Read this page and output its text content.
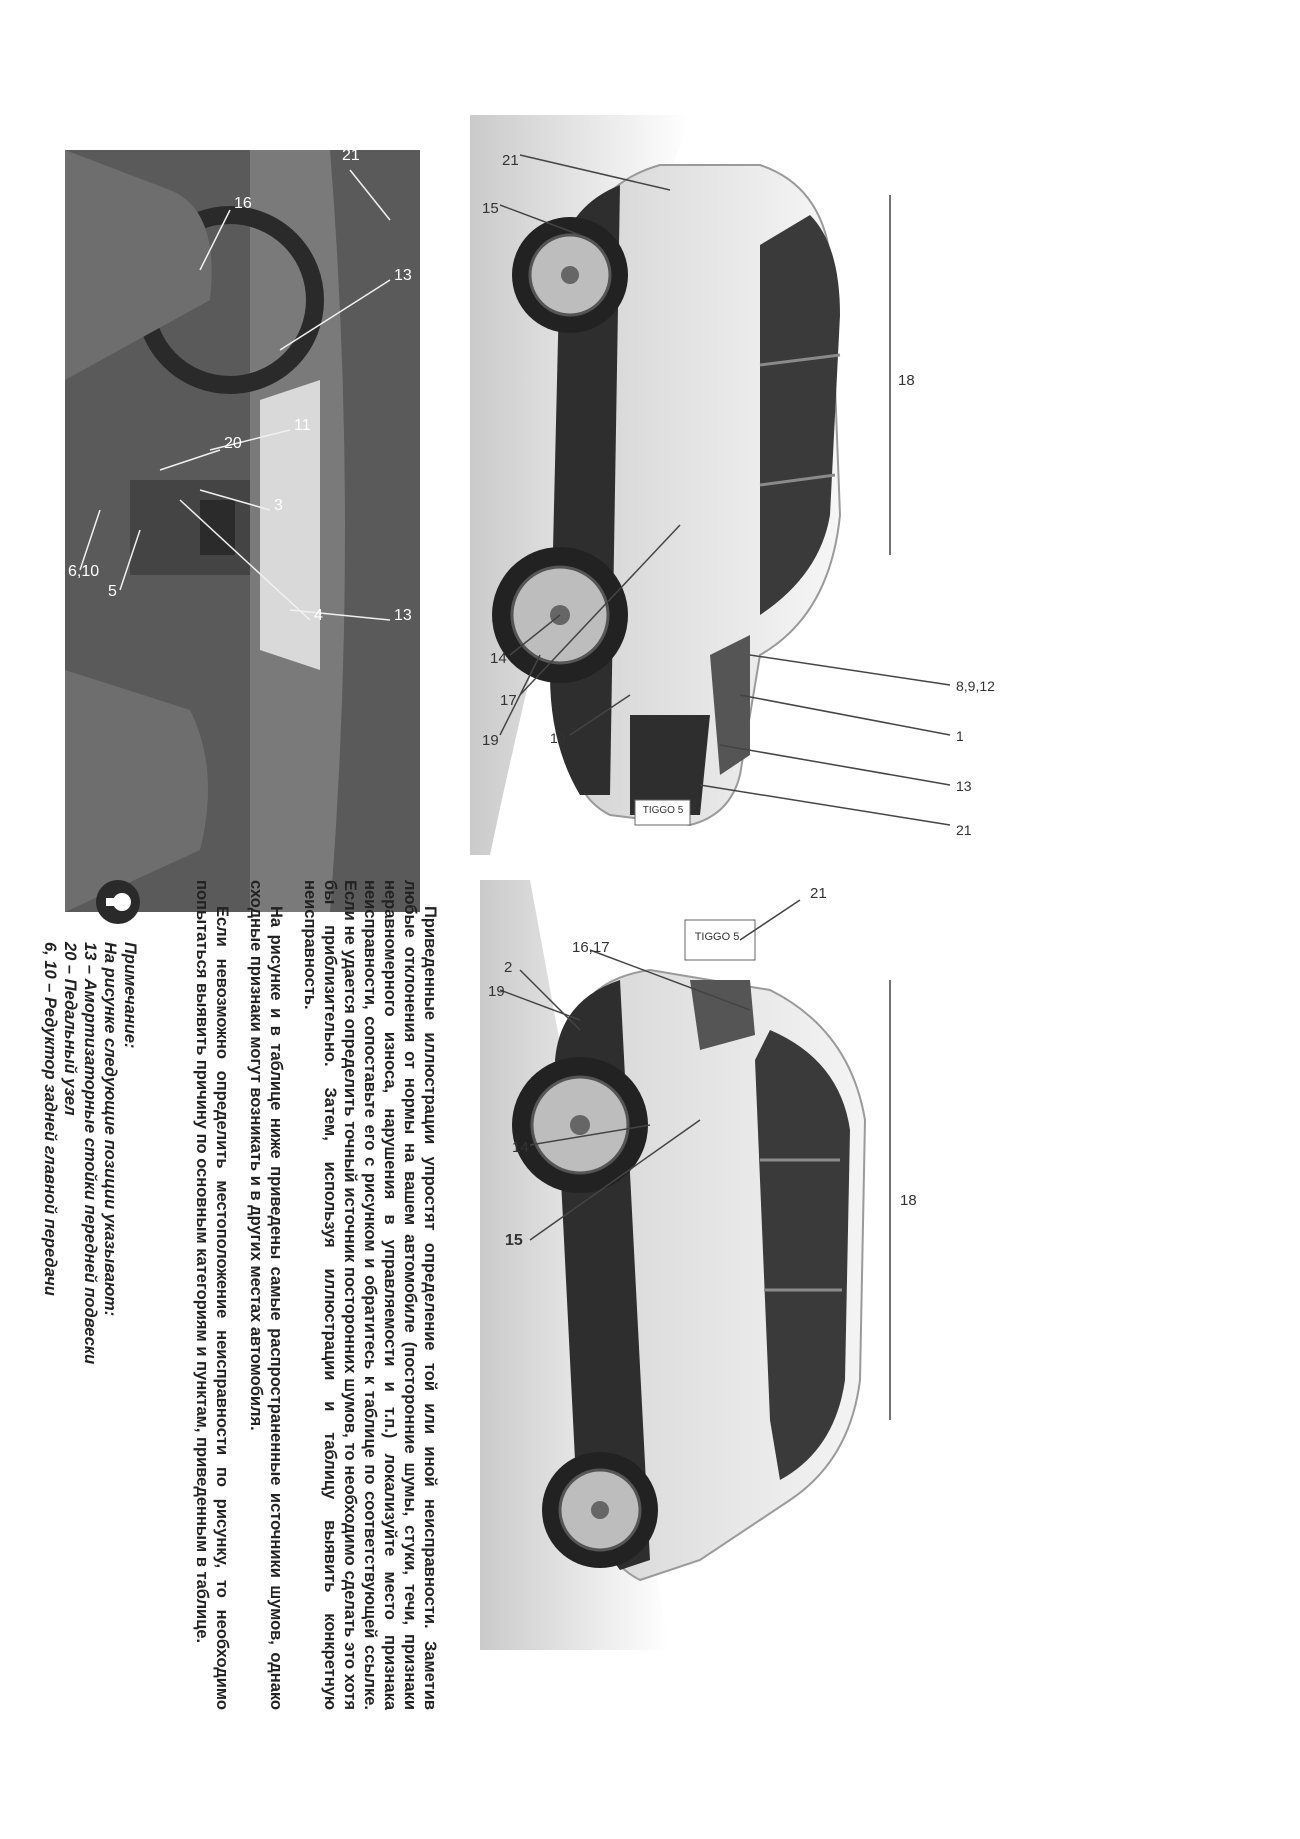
TIGGO 5
16,17
14
18
15
19
2
21
TIGGO 5
21
15
17
18
14
19
8,9,12
1
13
21
10
21
13
16
13
11
20
3
4
5
6,10

Приведенные иллюстрации упростят определение той или иной неисправности. Заметив любые отклонения от нормы на вашем автомобиле (посторонние шумы, стуки, течи, признаки неравномерного износа, нарушения в управляемости и т.п.) локализуйте место признака неисправности, сопоставьте его с рисунком и обратитесь к таблице по соответствующей ссылке. Если не удается определить точный источник посторонних шумов, то необходимо сделать это хотя бы приблизительно. Затем, используя иллюстрации и таблицу выявить конкретную неисправность.

На рисунке и в таблице ниже приведены самые распространенные источники шумов, однако сходные признаки могут возникать и в других местах автомобиля.

Если невозможно определить местоположение неисправности по рисунку, то необходимо попытаться выявить причину по основным категориям и пунктам, приведенным в таблице.

Примечание:
На рисунке следующие позиции указывают:
13 – Амортизаторные стойки передней подвески
20 – Педальный узел
6, 10 – Редуктор задней главной передачи
